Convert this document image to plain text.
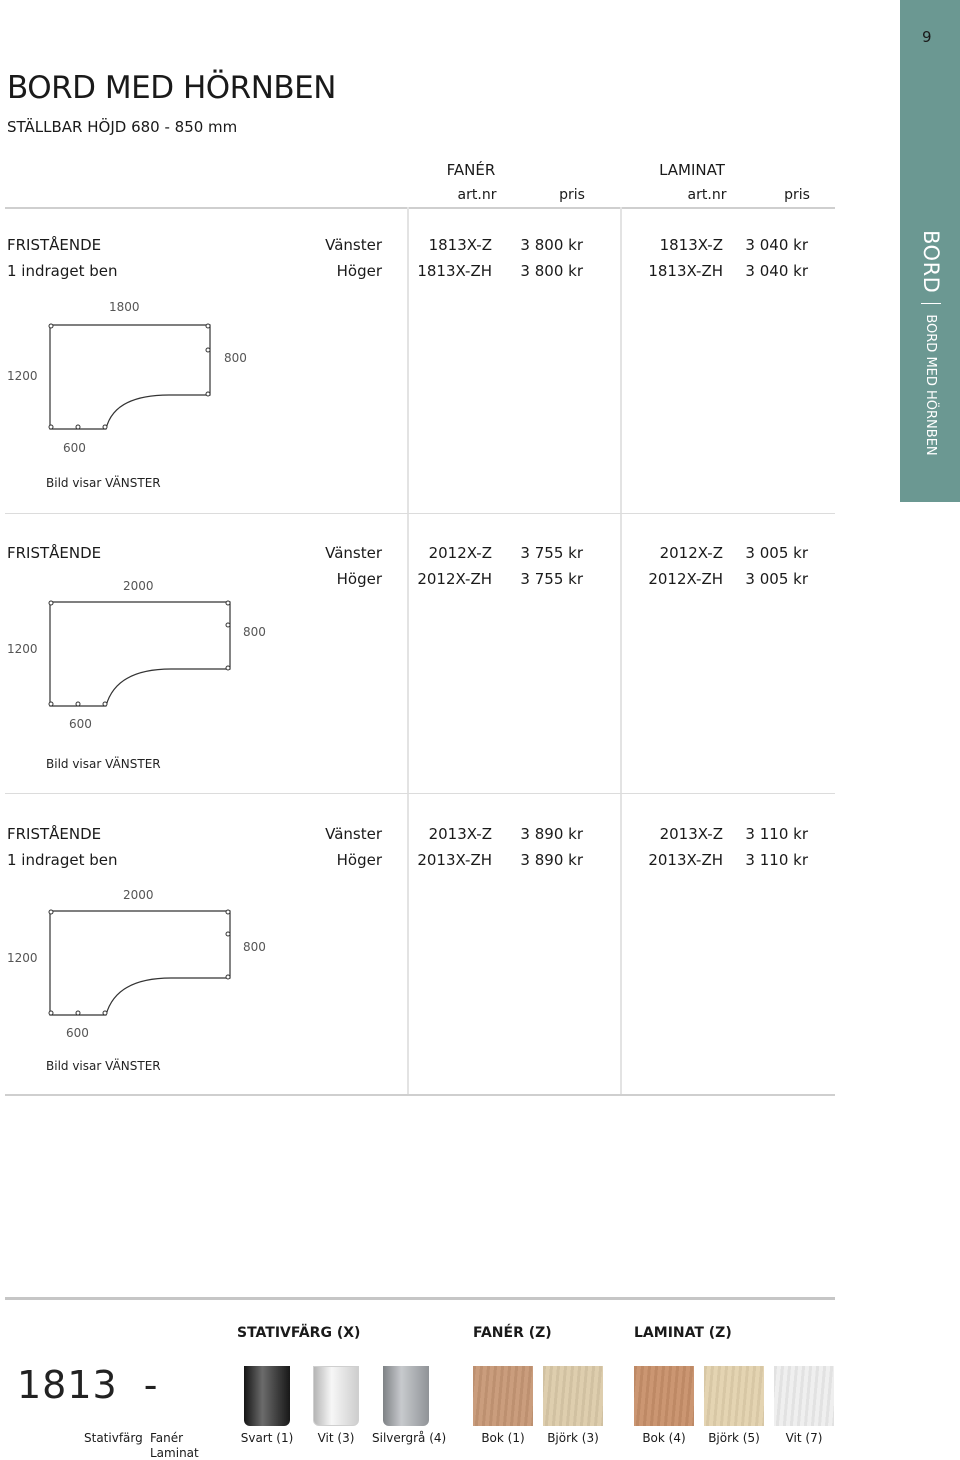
9
BORD
BORD MED HÖRNBEN
BORD MED HÖRNBEN
STÄLLBAR HÖJD 680 - 850 mm
FANÉR	LAMINAT
art.nr	pris	art.nr	pris
FRISTÅENDE
1 indraget ben
Vänster	1813X-Z	3 800 kr	1813X-Z	3 040 kr
Höger	1813X-ZH	3 800 kr	1813X-ZH	3 040 kr
1800
1200
800
600
Bild visar VÄNSTER
FRISTÅENDE	Vänster	2012X-Z	3 755 kr	2012X-Z	3 005 kr
Höger	2012X-ZH	3 755 kr	2012X-ZH	3 005 kr
2000
1200
800
600
Bild visar VÄNSTER
FRISTÅENDE
1 indraget ben
Vänster	2013X-Z	3 890 kr	2013X-Z	3 110 kr
Höger	2013X-ZH	3 890 kr	2013X-ZH	3 110 kr
2000
1200
800
600
Bild visar VÄNSTER
STATIVFÄRG (X)	FANÉR (Z)	LAMINAT (Z)
1813X-Z
Stativfärg Fanér
Laminat
Svart (1)	Vit (3)	Silvergrå (4)	Bok (1)	Björk (3)	Bok (4)	Björk (5)	Vit (7)
